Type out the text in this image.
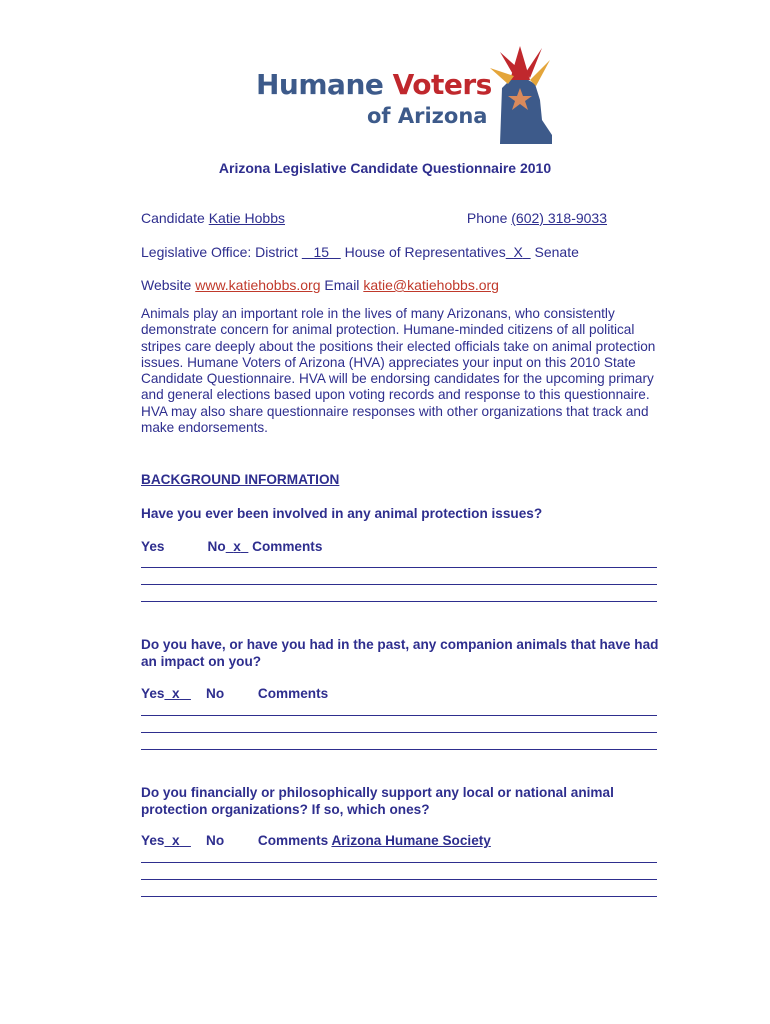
Humane Voters
of Arizona
Arizona Legislative Candidate Questionnaire 2010
Candidate Katie Hobbs	Phone (602) 318-9033
Legislative Office: District 15 House of Representatives X Senate
Website www.katiehobbs.org Email katie@katiehobbs.org
Animals play an important role in the lives of many Arizonans, who consistently demonstrate concern for animal protection. Humane-minded citizens of all political stripes care deeply about the positions their elected officials take on animal protection issues. Humane Voters of Arizona (HVA) appreciates your input on this 2010 State Candidate Questionnaire. HVA will be endorsing candidates for the upcoming primary and general elections based upon voting records and response to this questionnaire. HVA may also share questionnaire responses with other organizations that track and make endorsements.
BACKGROUND INFORMATION
Have you ever been involved in any animal protection issues?
Yes	No x Comments
Do you have, or have you had in the past, any companion animals that have had an impact on you?
Yes x No Comments
Do you financially or philosophically support any local or national animal protection organizations? If so, which ones?
Yes x No Comments Arizona Humane Society
